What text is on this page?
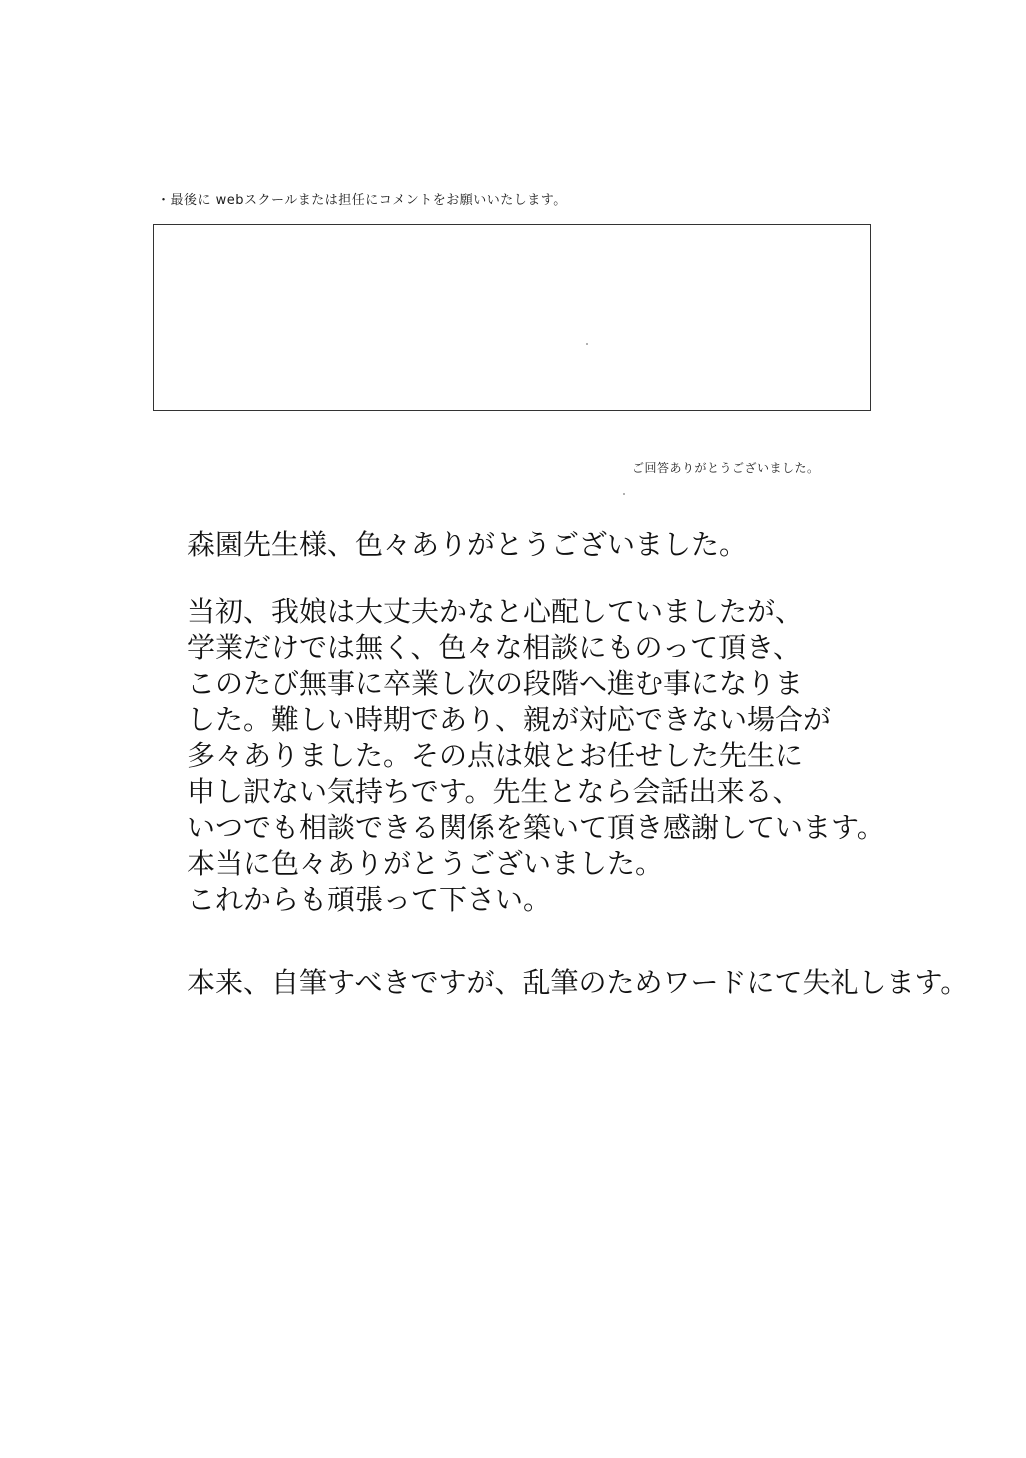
・最後に webスクールまたは担任にコメントをお願いいたします。
ご回答ありがとうございました。
森園先生様、色々ありがとうございました。
当初、我娘は大丈夫かなと心配していましたが、
学業だけでは無く、色々な相談にものって頂き、
このたび無事に卒業し次の段階へ進む事になりま
した。難しい時期であり、親が対応できない場合が
多々ありました。その点は娘とお任せした先生に
申し訳ない気持ちです。先生となら会話出来る、
いつでも相談できる関係を築いて頂き感謝しています。
本当に色々ありがとうございました。
これからも頑張って下さい。
本来、自筆すべきですが、乱筆のためワードにて失礼します。
